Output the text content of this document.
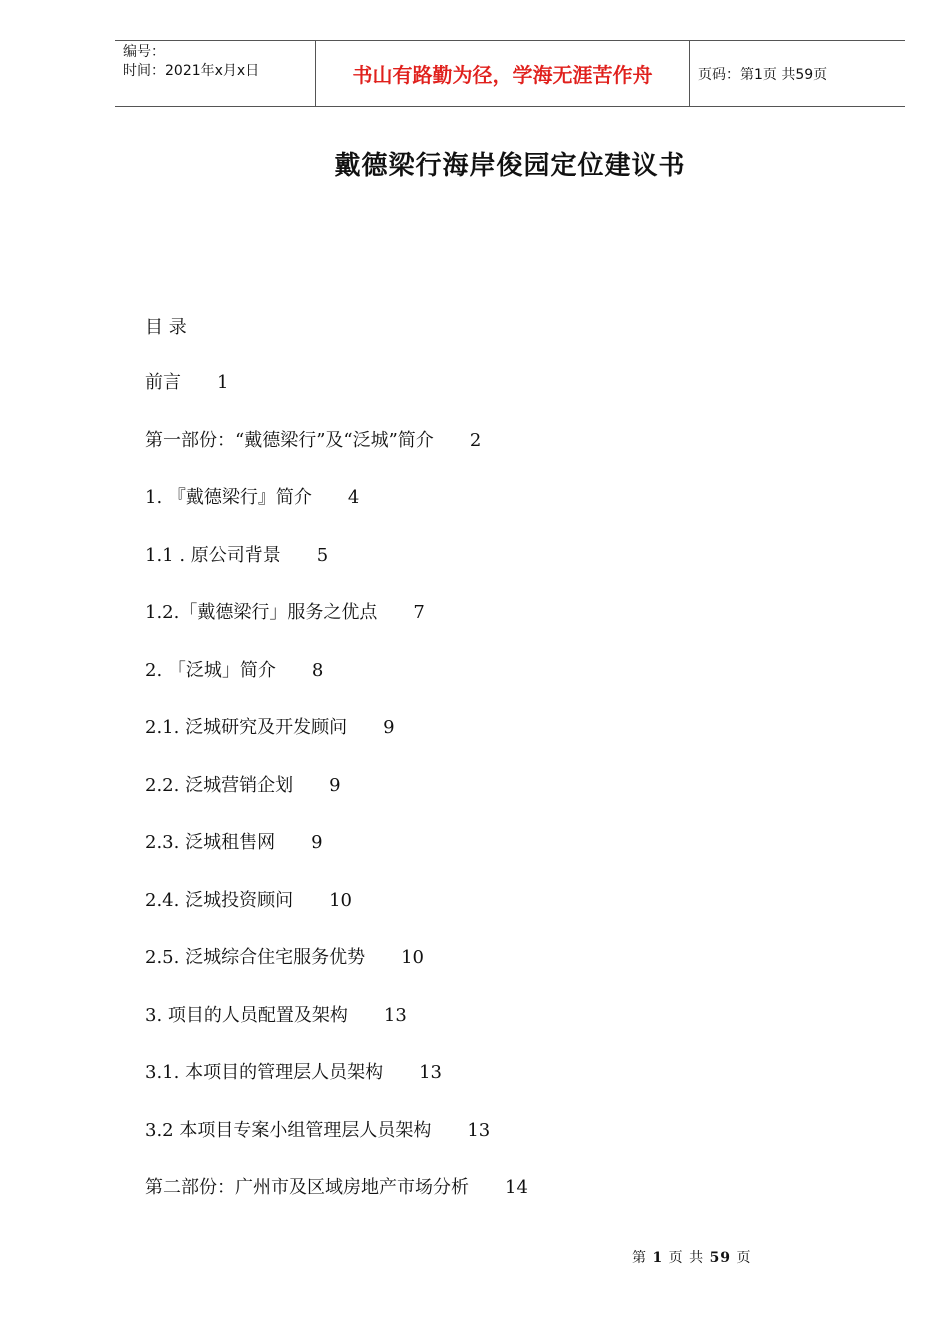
编号：
时间：2021年x月x日	书山有路勤为径，学海无涯苦作舟	页码：第1页 共59页
戴德梁行海岸俊园定位建议书
目 录
前言 1
第一部份：“戴德梁行”及“泛城”简介 2
1. 『戴德梁行』简介 4
1.1 . 原公司背景 5
1.2.「戴德梁行」服务之优点 7
2. 「泛城」简介 8
2.1. 泛城研究及开发顾问 9
2.2. 泛城营销企划 9
2.3. 泛城租售网 9
2.4. 泛城投资顾问 10
2.5. 泛城综合住宅服务优势 10
3. 项目的人员配置及架构 13
3.1. 本项目的管理层人员架构 13
3.2 本项目专案小组管理层人员架构 13
第二部份：广州市及区域房地产市场分析 14
第 1 页 共 59 页
